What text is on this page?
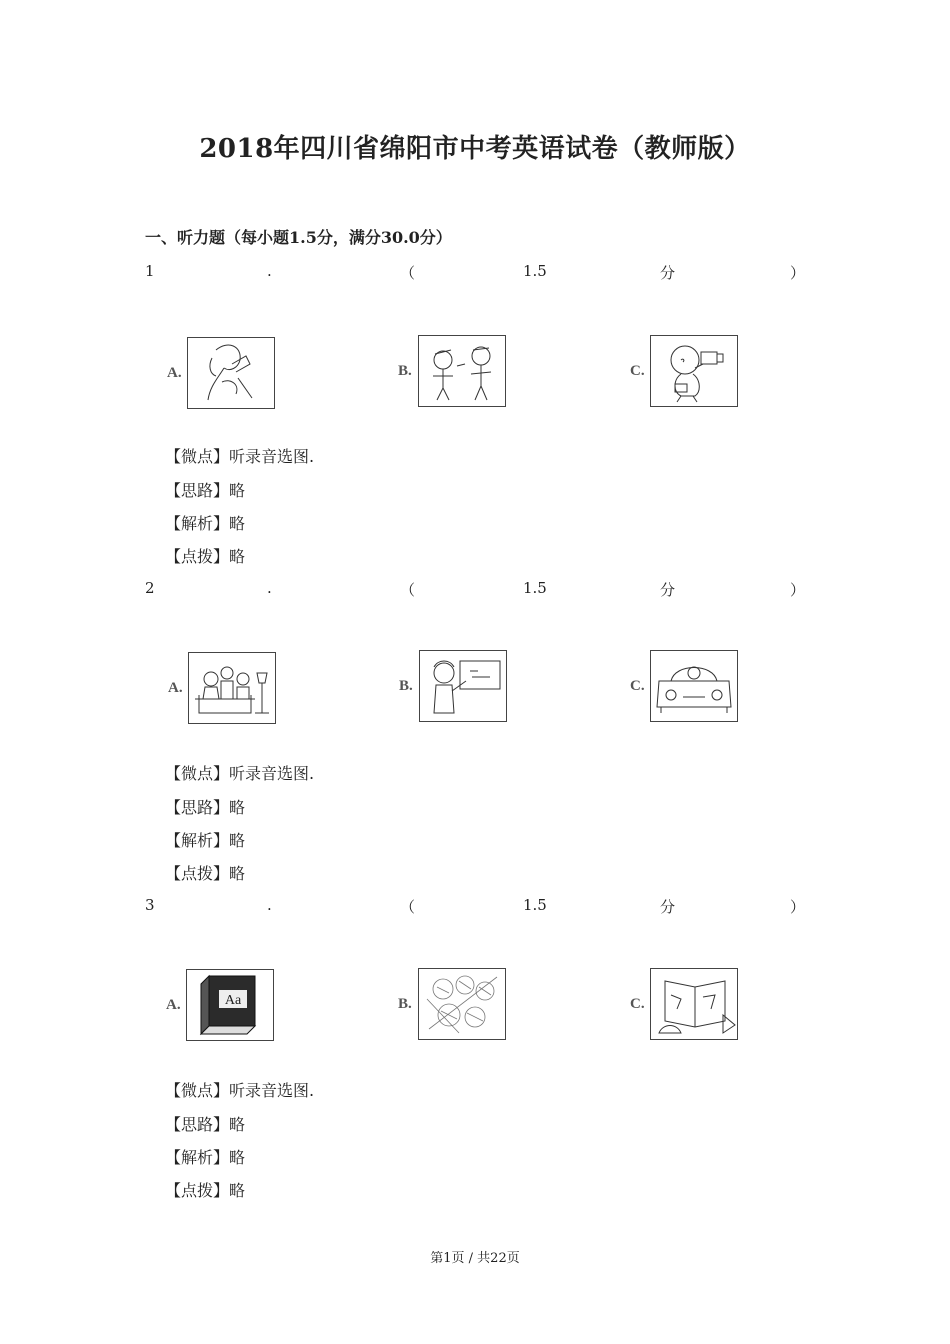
2018年四川省绵阳市中考英语试卷（教师版）
一、听力题（每小题1.5分，满分30.0分）
1	.	（	1.5	分	）
A.	B.	C.
【微点】听录音选图.
【思路】略
【解析】略
【点拨】略
2	.	（	1.5	分	）
A.	B.	C.
【微点】听录音选图.
【思路】略
【解析】略
【点拨】略
3	.	（	1.5	分	）
A.	Aa	B.	C.
【微点】听录音选图.
【思路】略
【解析】略
【点拨】略
第1页 / 共22页
